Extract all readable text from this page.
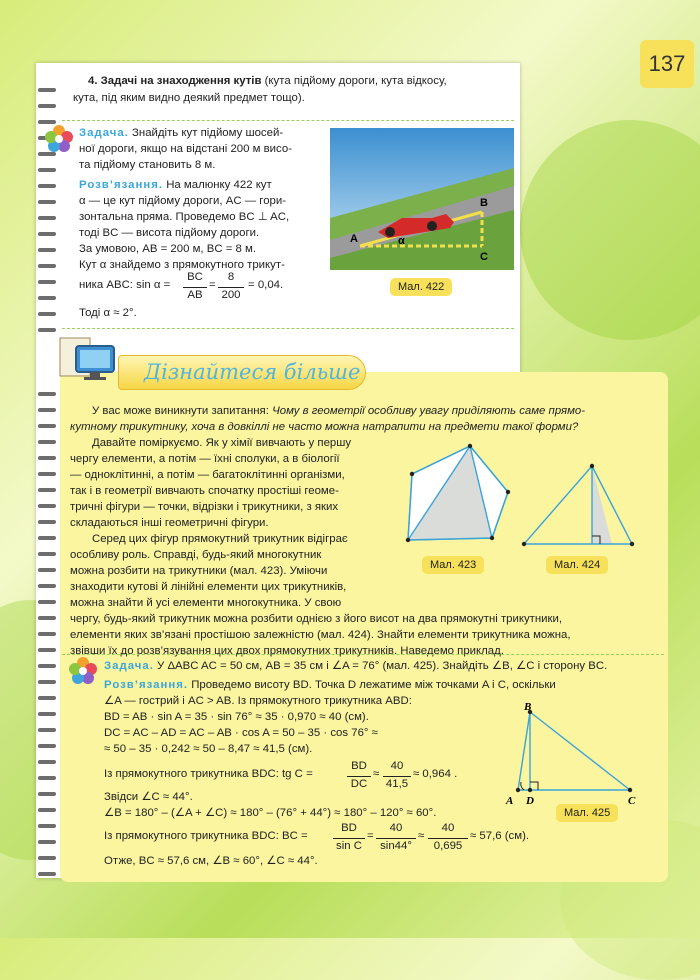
137
4. Задачі на знаходження кутів (кута підйому дороги, кута відкосу,
кута, під яким видно деякий предмет тощо).
Задача. Знайдіть кут підйому шосей-
ної дороги, якщо на відстані 200 м висо-
та підйому становить 8 м.
Розв’язання. На малюнку 422 кут
α — це кут підйому дороги, AC — гори-
зонтальна пряма. Проведемо BC ⊥ AC,
тоді BC — висота підйому дороги.
За умовою, AB = 200 м, BC = 8 м.
Кут α знайдемо з прямокутного трикут-
ника ABC: sin α =
BC
AB
=
8
200
= 0,04.
Тоді α ≈ 2°.
A
B
C
α
Мал. 422
Дізнайтеся більше
У вас може виникнути запитання: Чому в геометрії особливу увагу приділяють саме прямо-
кутному трикутнику, хоча в довкіллі не часто можна натрапити на предмети такої форми?
Давайте поміркуємо. Як у хімії вивчають у першу
чергу елементи, а потім — їхні сполуки, а в біології
— одноклітинні, а потім — багатоклітинні організми,
так і в геометрії вивчають спочатку простіші геоме-
тричні фігури — точки, відрізки і трикутники, з яких
складаються інші геометричні фігури.
Серед цих фігур прямокутний трикутник відіграє
особливу роль. Справді, будь-який многокутник
можна розбити на трикутники (мал. 423). Уміючи
знаходити кутові й лінійні елементи цих трикутників,
можна знайти й усі елементи многокутника. У свою
чергу, будь-який трикутник можна розбити однією з його висот на два прямокутні трикутники,
елементи яких зв’язані простішою залежністю (мал. 424). Знайти елементи трикутника можна,
звівши їх до розв’язування цих двох прямокутних трикутників. Наведемо приклад.
Мал. 423	Мал. 424
Задача. У ΔABC AC = 50 см, AB = 35 см і ∠A = 76° (мал. 425). Знайдіть ∠B, ∠C і сторону BC.
Розв’язання. Проведемо висоту BD. Точка D лежатиме між точками A і C, оскільки
∠A — гострий і AC > AB. Із прямокутного трикутника ABD:
BD = AB · sin A = 35 · sin 76° ≈ 35 · 0,970 ≈ 40 (см).
DC = AC – AD = AC – AB · cos A = 50 – 35 · cos 76° ≈
≈ 50 – 35 · 0,242 ≈ 50 – 8,47 ≈ 41,5 (см).
Із прямокутного трикутника BDC: tg C =
BD
DC
≈
40
41,5
≈ 0,964 .
Звідси ∠C ≈ 44°.
∠B = 180° – (∠A + ∠C) ≈ 180° – (76° + 44°) ≈ 180° – 120° ≈ 60°.
Із прямокутного трикутника BDC: BC =
BD
sin C
=
40
sin44°
≈
40
0,695
≈ 57,6 (см).
Отже, BC ≈ 57,6 см, ∠B ≈ 60°, ∠C ≈ 44°.
B
A D	C
Мал. 425
